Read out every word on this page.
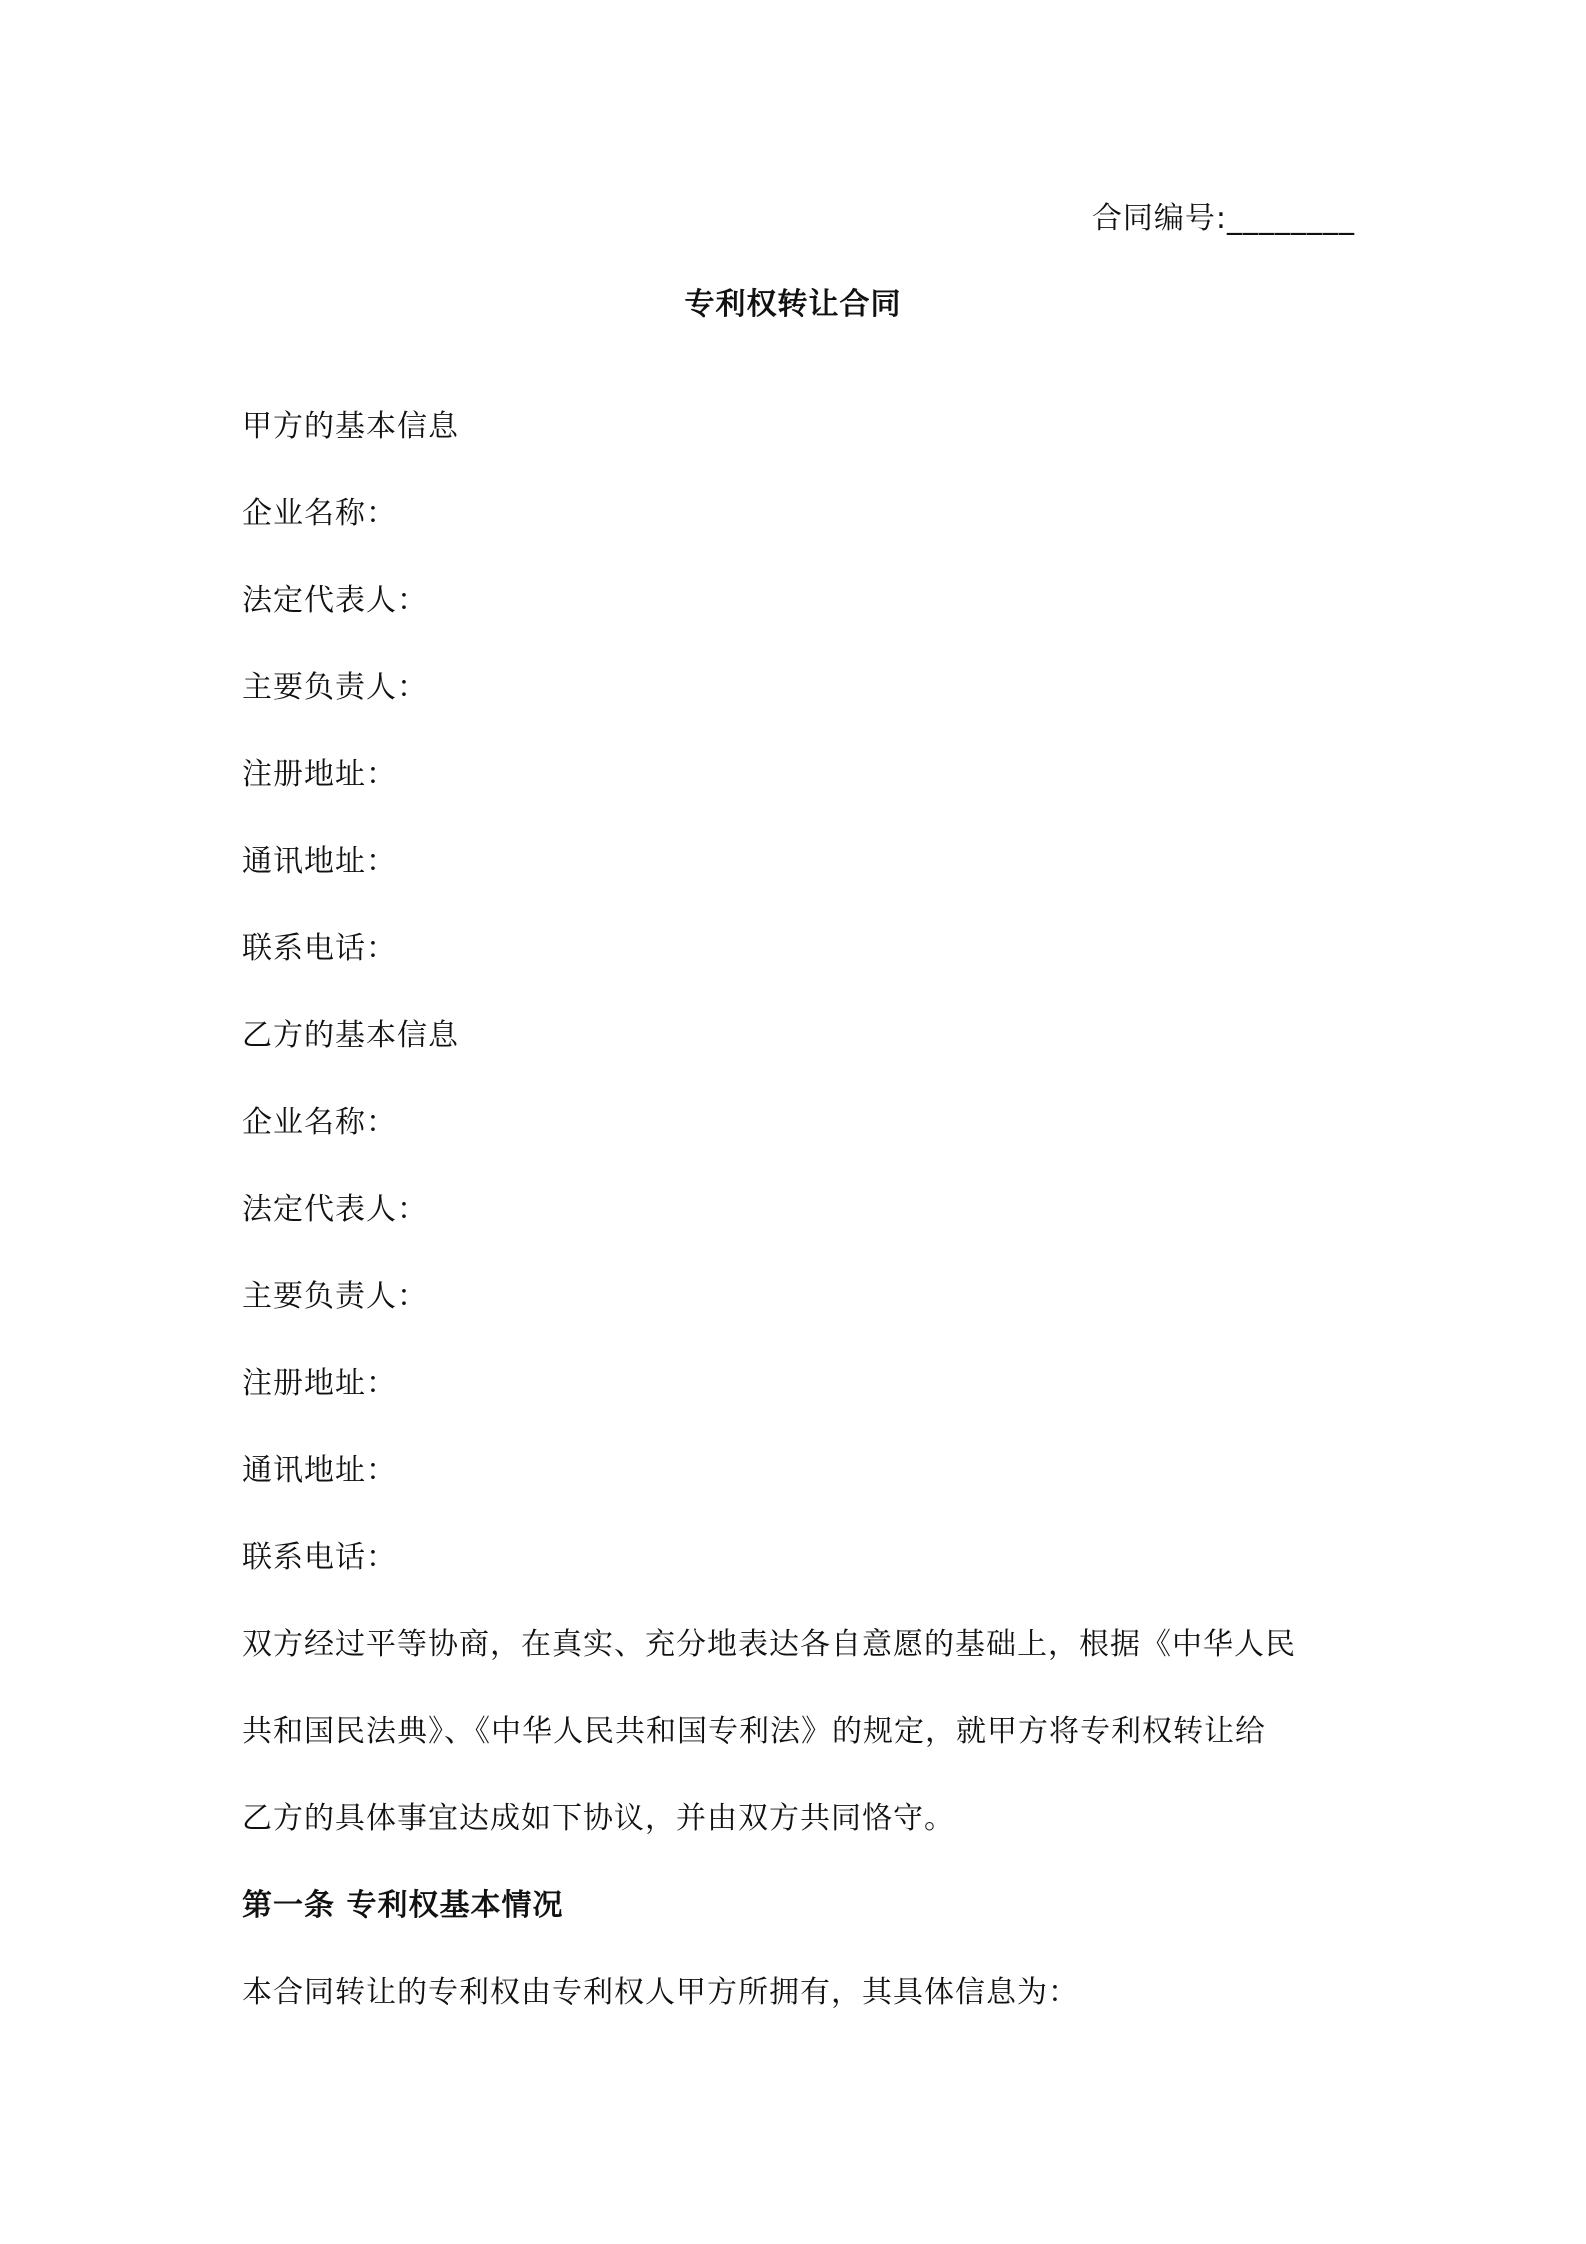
合同编号:________
专利权转让合同
甲方的基本信息
企业名称：
法定代表人：
主要负责人：
注册地址：
通讯地址：
联系电话：
乙方的基本信息
企业名称：
法定代表人：
主要负责人：
注册地址：
通讯地址：
联系电话：
双方经过平等协商，在真实、充分地表达各自意愿的基础上，根据《中华人民
共和国民法典》、《中华人民共和国专利法》的规定，就甲方将专利权转让给
乙方的具体事宜达成如下协议，并由双方共同恪守。
第一条 专利权基本情况
本合同转让的专利权由专利权人甲方所拥有，其具体信息为：
